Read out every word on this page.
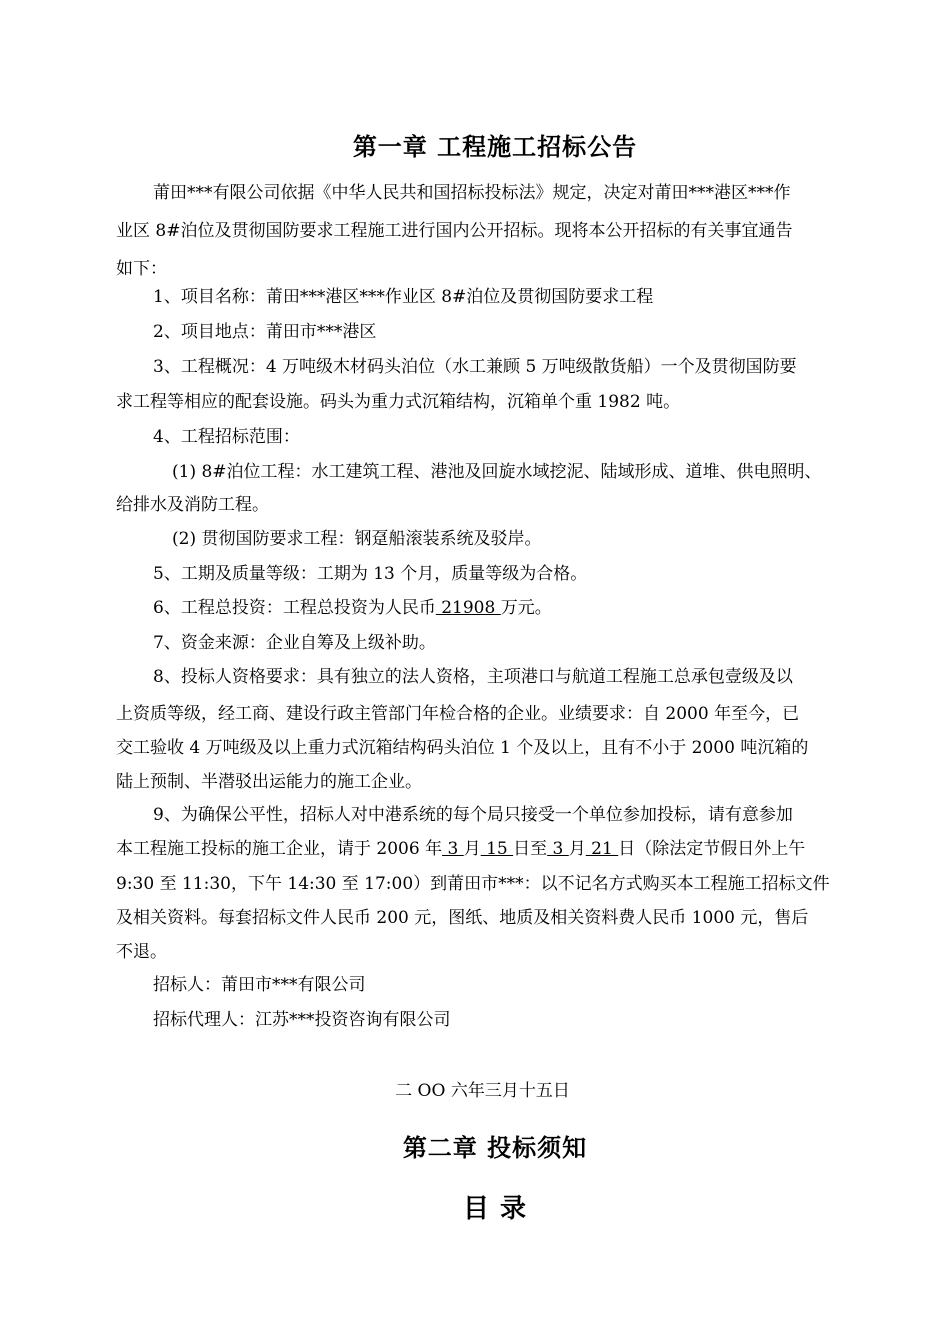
第一章 工程施工招标公告
莆田***有限公司依据《中华人民共和国招标投标法》规定，决定对莆田***港区***作
业区 8#泊位及贯彻国防要求工程施工进行国内公开招标。现将本公开招标的有关事宜通告
如下：
1、项目名称：莆田***港区***作业区 8#泊位及贯彻国防要求工程
2、项目地点：莆田市***港区
3、工程概况：4 万吨级木材码头泊位（水工兼顾 5 万吨级散货船）一个及贯彻国防要
求工程等相应的配套设施。码头为重力式沉箱结构，沉箱单个重 1982 吨。
4、工程招标范围：
(1) 8#泊位工程：水工建筑工程、港池及回旋水域挖泥、陆域形成、道堆、供电照明、
给排水及消防工程。
(2) 贯彻国防要求工程：钢趸船滚装系统及驳岸。
5、工期及质量等级：工期为 13 个月，质量等级为合格。
6、工程总投资：工程总投资为人民币 21908 万元。
7、资金来源：企业自筹及上级补助。
8、投标人资格要求：具有独立的法人资格，主项港口与航道工程施工总承包壹级及以
上资质等级，经工商、建设行政主管部门年检合格的企业。业绩要求：自 2000 年至今，已
交工验收 4 万吨级及以上重力式沉箱结构码头泊位 1 个及以上，且有不小于 2000 吨沉箱的
陆上预制、半潜驳出运能力的施工企业。
9、为确保公平性，招标人对中港系统的每个局只接受一个单位参加投标，请有意参加
本工程施工投标的施工企业，请于 2006 年 3 月 15 日至 3 月 21 日（除法定节假日外上午
9:30 至 11:30，下午 14:30 至 17:00）到莆田市***：以不记名方式购买本工程施工招标文件
及相关资料。每套招标文件人民币 200 元，图纸、地质及相关资料费人民币 1000 元，售后
不退。
招标人：莆田市***有限公司
招标代理人：江苏***投资咨询有限公司
二 OO 六年三月十五日
第二章 投标须知
目 录
